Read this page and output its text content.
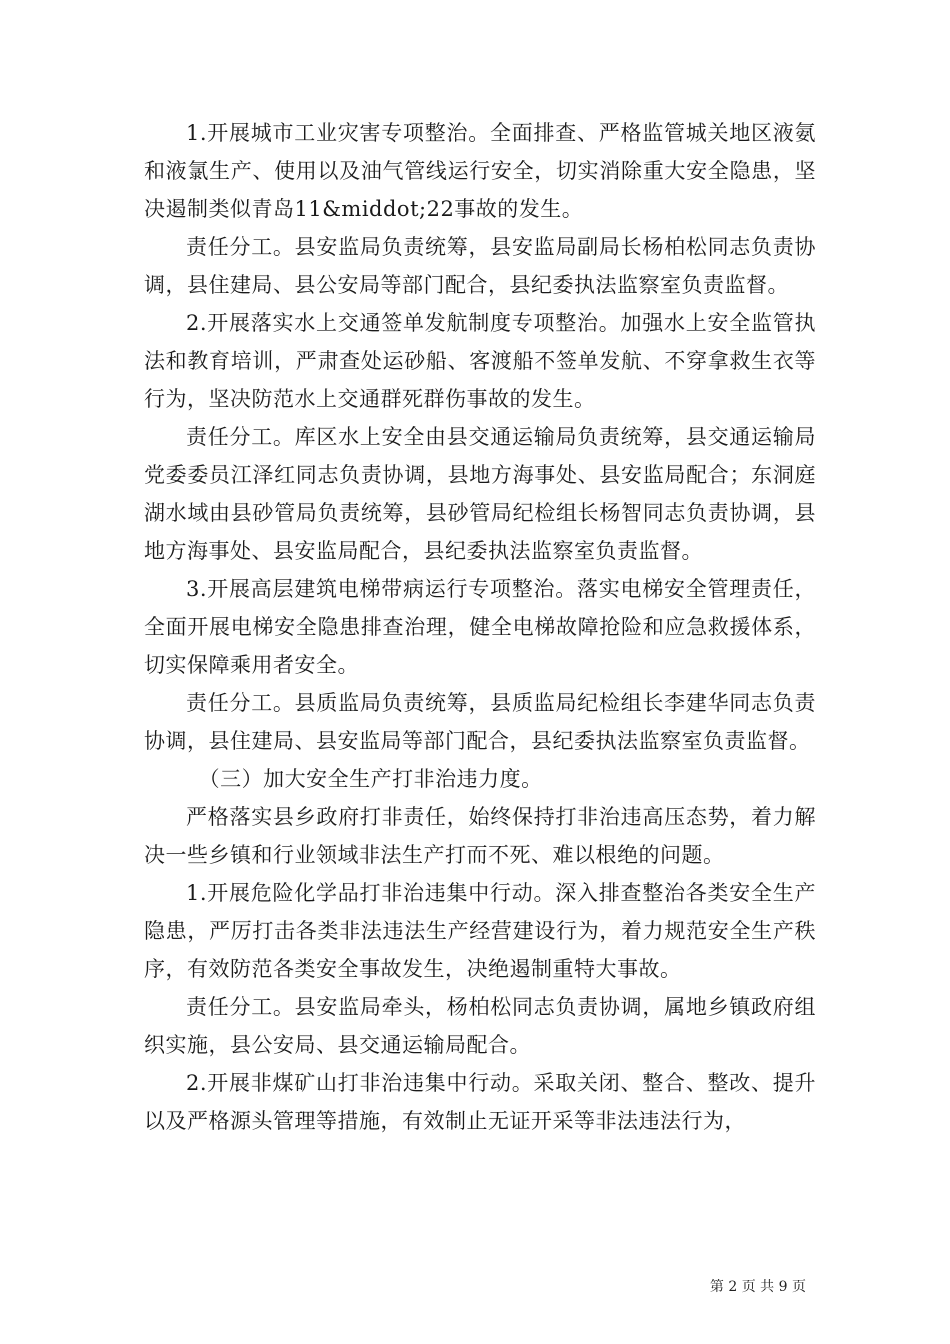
1.开展城市工业灾害专项整治。全面排查、严格监管城关地区液氨和液氯生产、使用以及油气管线运行安全，切实消除重大安全隐患，坚决遏制类似青岛11&middot;22事故的发生。

责任分工。县安监局负责统筹，县安监局副局长杨柏松同志负责协调，县住建局、县公安局等部门配合，县纪委执法监察室负责监督。

2.开展落实水上交通签单发航制度专项整治。加强水上安全监管执法和教育培训，严肃查处运砂船、客渡船不签单发航、不穿拿救生衣等行为，坚决防范水上交通群死群伤事故的发生。

责任分工。库区水上安全由县交通运输局负责统筹，县交通运输局党委委员江泽红同志负责协调，县地方海事处、县安监局配合；东洞庭湖水域由县砂管局负责统筹，县砂管局纪检组长杨智同志负责协调，县地方海事处、县安监局配合，县纪委执法监察室负责监督。

3.开展高层建筑电梯带病运行专项整治。落实电梯安全管理责任，全面开展电梯安全隐患排查治理，健全电梯故障抢险和应急救援体系，切实保障乘用者安全。

责任分工。县质监局负责统筹，县质监局纪检组长李建华同志负责协调，县住建局、县安监局等部门配合，县纪委执法监察室负责监督。

（三）加大安全生产打非治违力度。

严格落实县乡政府打非责任，始终保持打非治违高压态势，着力解决一些乡镇和行业领域非法生产打而不死、难以根绝的问题。

1.开展危险化学品打非治违集中行动。深入排查整治各类安全生产隐患，严厉打击各类非法违法生产经营建设行为，着力规范安全生产秩序，有效防范各类安全事故发生，决绝遏制重特大事故。

责任分工。县安监局牵头，杨柏松同志负责协调，属地乡镇政府组织实施，县公安局、县交通运输局配合。

2.开展非煤矿山打非治违集中行动。采取关闭、整合、整改、提升以及严格源头管理等措施，有效制止无证开采等非法违法行为，

第 2 页 共 9 页
